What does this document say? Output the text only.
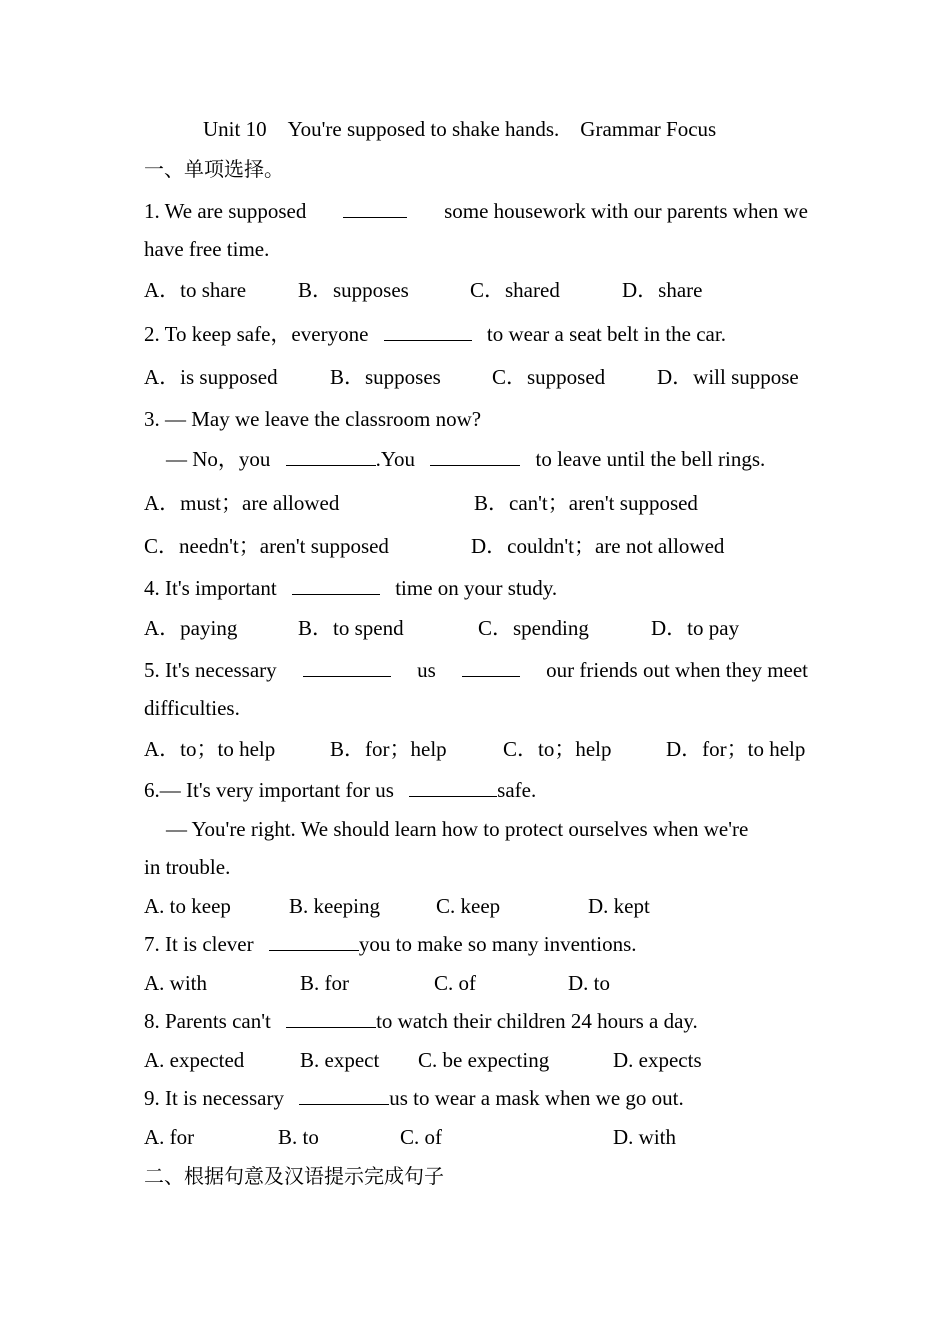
Unit 10　You're supposed to shake hands.　Grammar Focus
一、单项选择。
1. We are supposed	some housework with our parents when we
have free time.
A．to share B．supposes	C．shared	D．share
2. To keep safe，everyone	to wear a seat belt in the car.
A．is supposed B．supposes C．supposed D．will suppose
3. — May we leave the classroom now?
— No，you	.You	to leave until the bell rings.
A．must；are allowed	B．can't；aren't supposed
C．needn't；aren't supposed	D．couldn't；are not allowed
4. It's important	time on your study.
A．paying	B．to spend	C．spending	D．to pay
5. It's necessary	us	our friends out when they meet
difficulties.
A．to；to help	B．for；help	C．to；help	D．for；to help
6.— It's very important for us	safe.
— You're right. We should learn how to protect ourselves when we're
in trouble.
A. to keep	B. keeping	C. keep	D. kept
7. It is clever	you to make so many inventions.
A. with	B. for	C. of	D. to
8. Parents can't	to watch their children 24 hours a day.
A. expected	B. expect C. be expecting	D. expects
9. It is necessary	us to wear a mask when we go out.
A. for	B. to	C. of	D. with
二、根据句意及汉语提示完成句子
